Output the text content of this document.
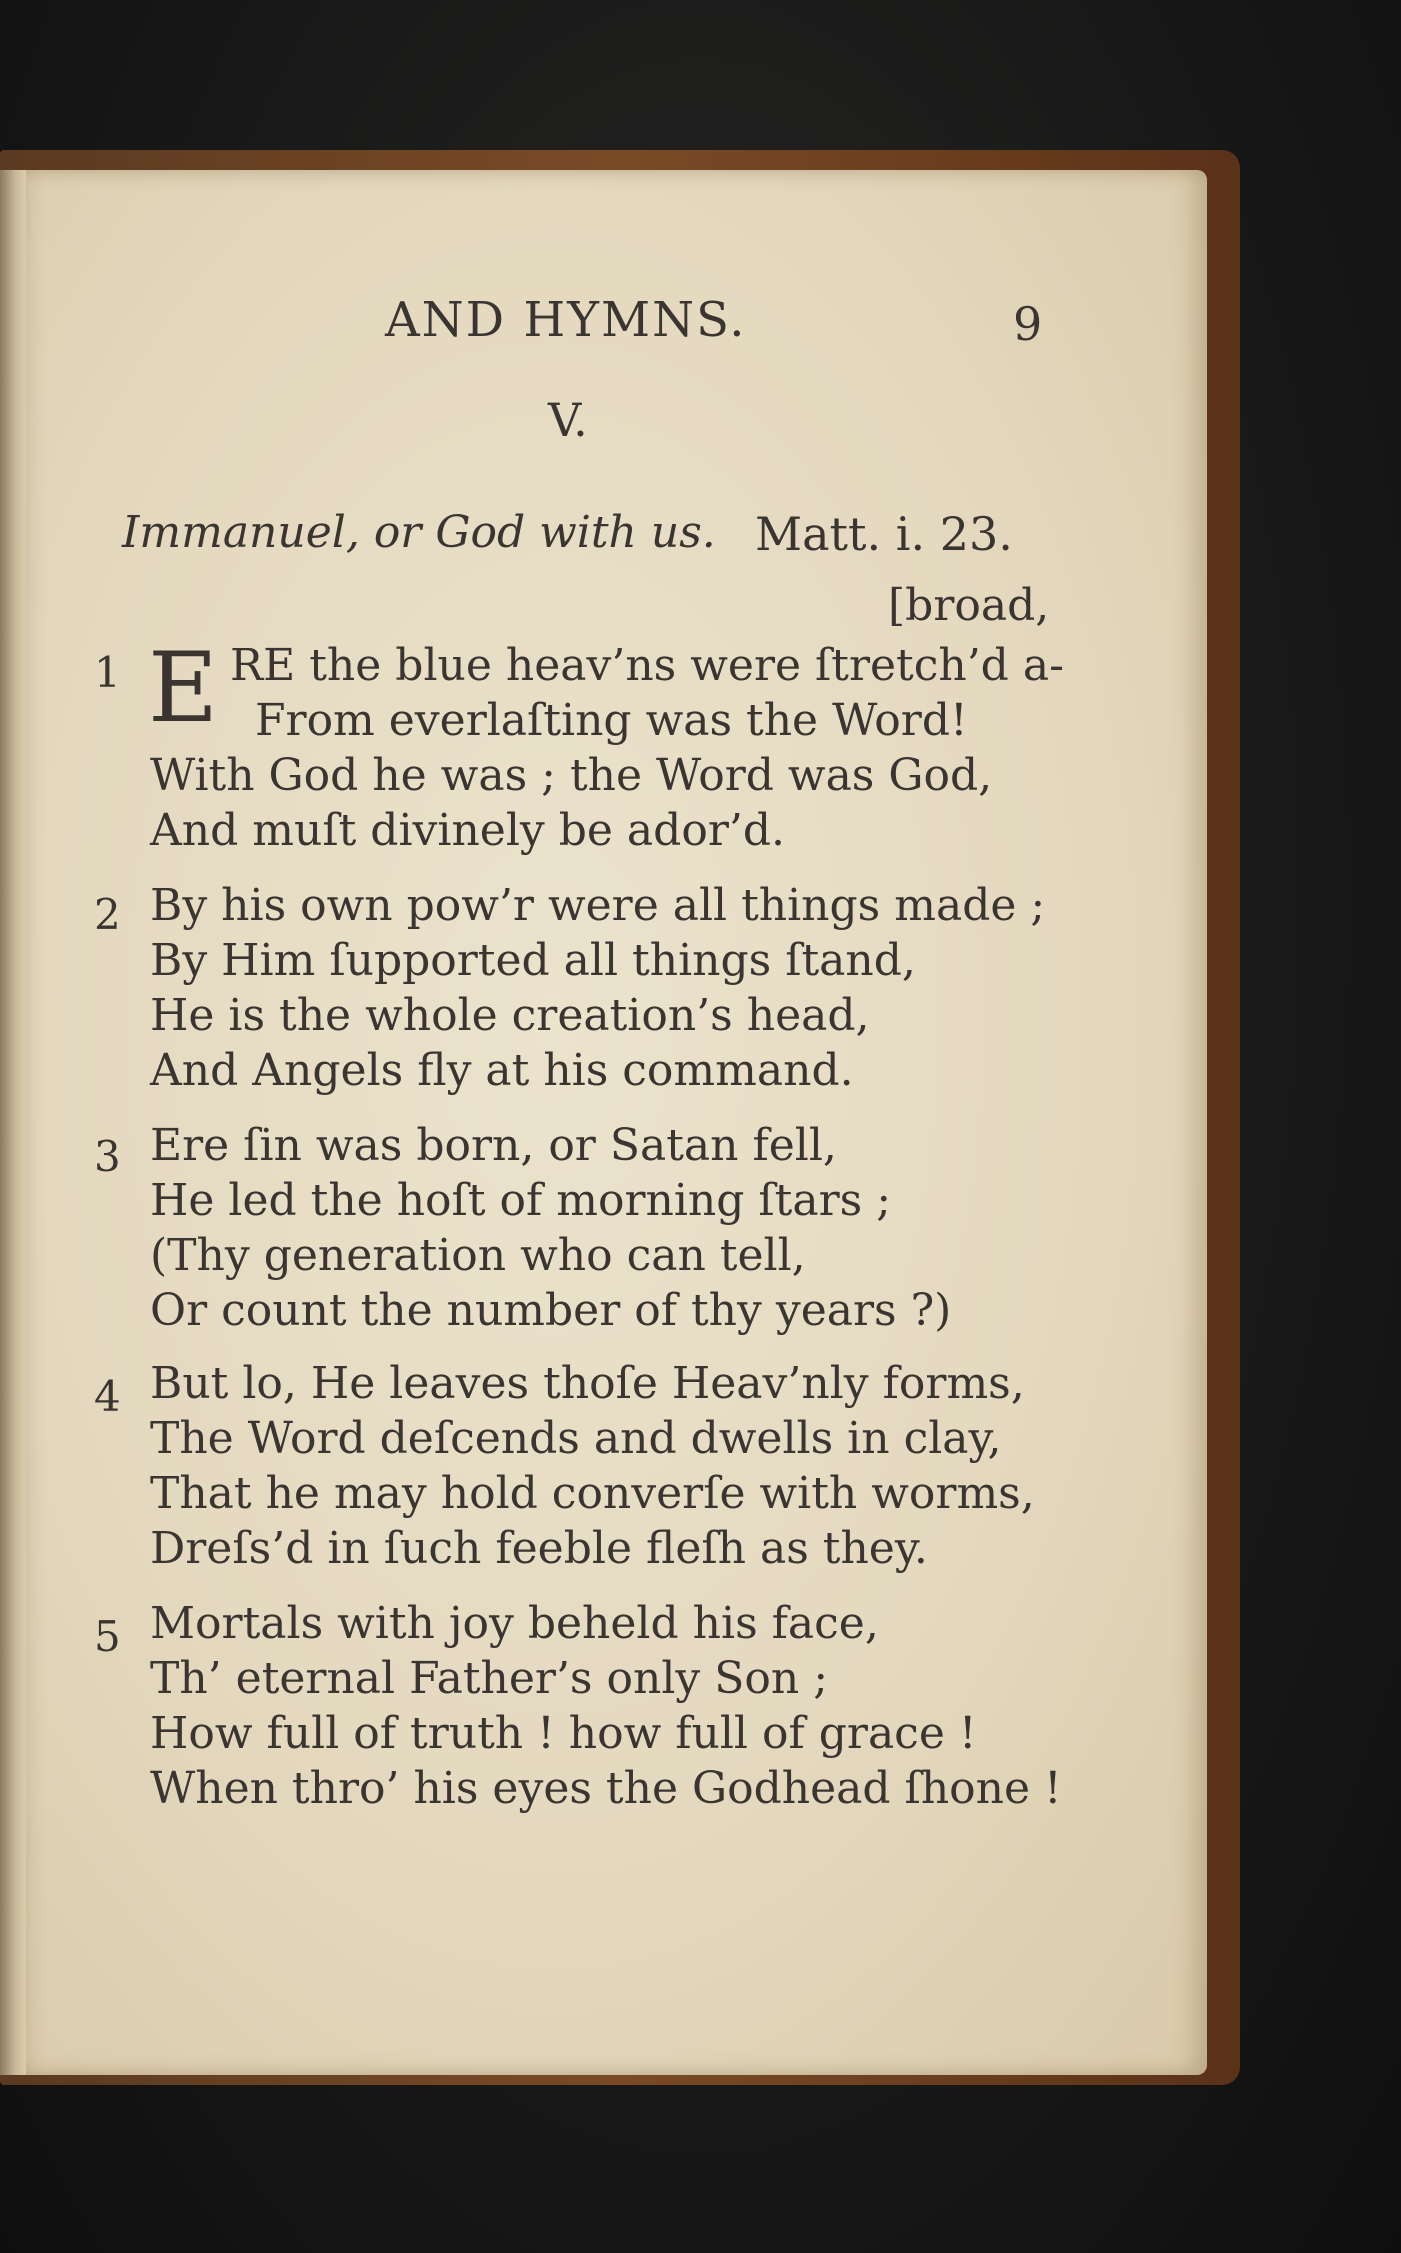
AND HYMNS.	9
V.
Immanuel, or God with us. Matt. i. 23.
[broad,
1 E RE the blue heav’ns were ſtretch’d a-
From everlaſting was the Word!
With God he was ; the Word was God,
And muſt divinely be ador’d.
2 By his own pow’r were all things made ;
By Him ſupported all things ſtand,
He is the whole creation’s head,
And Angels fly at his command.
3 Ere ſin was born, or Satan fell,
He led the hoſt of morning ſtars ;
(Thy generation who can tell,
Or count the number of thy years ?)
4 But lo, He leaves thoſe Heav’nly forms,
The Word deſcends and dwells in clay,
That he may hold converſe with worms,
Dreſs’d in ſuch feeble fleſh as they.
5 Mortals with joy beheld his face,
Th’ eternal Father’s only Son ;
How full of truth ! how full of grace !
When thro’ his eyes the Godhead ſhone !
